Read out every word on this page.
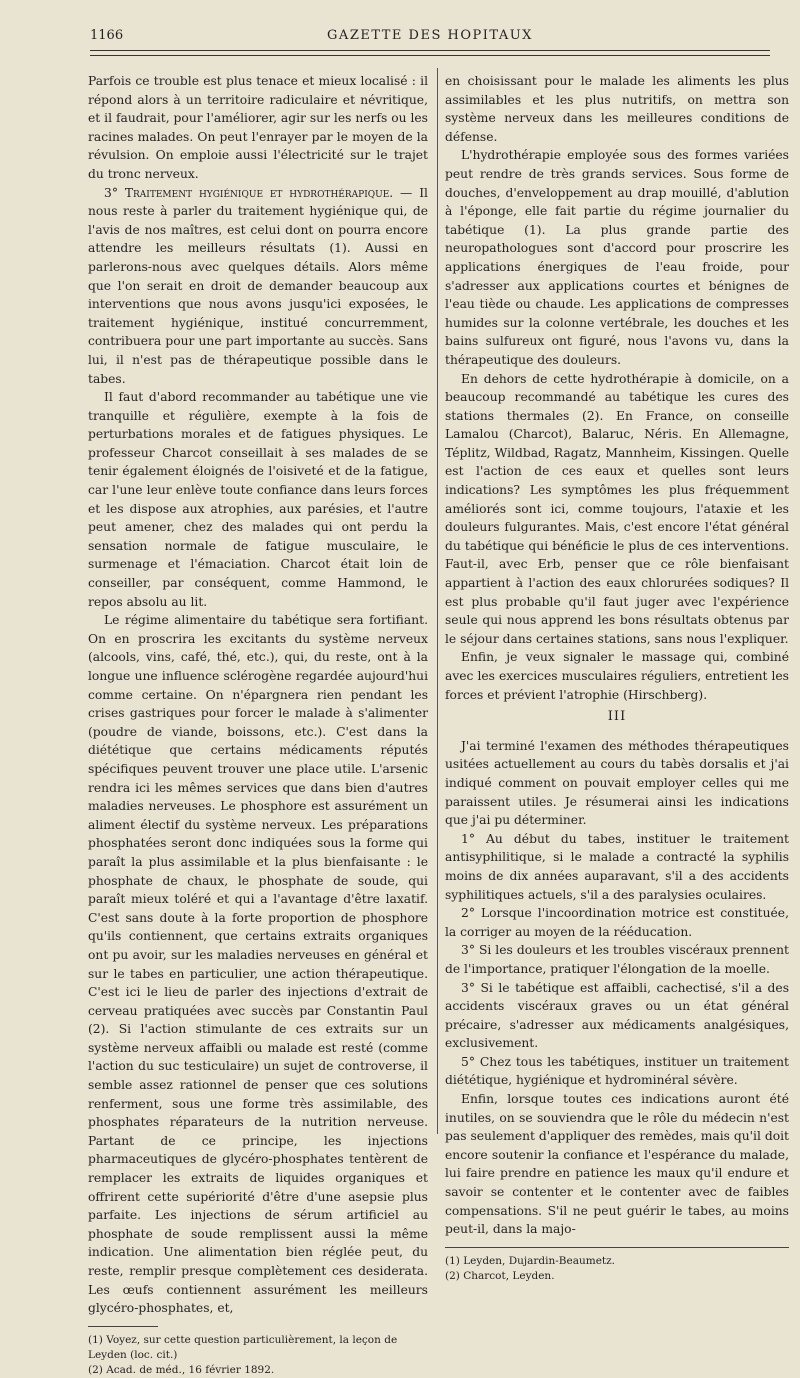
1166	GAZETTE DES HOPITAUX

Parfois ce trouble est plus tenace et mieux localisé : il répond alors à un territoire radiculaire et névritique, et il faudrait, pour l'améliorer, agir sur les nerfs ou les racines malades. On peut l'enrayer par le moyen de la révulsion. On emploie aussi l'électricité sur le trajet du tronc nerveux.

3° Traitement hygiénique et hydrothérapique. — Il nous reste à parler du traitement hygiénique qui, de l'avis de nos maîtres, est celui dont on pourra encore attendre les meilleurs résultats (1). Aussi en parlerons-nous avec quelques détails. Alors même que l'on serait en droit de demander beaucoup aux interventions que nous avons jusqu'ici exposées, le traitement hygiénique, institué concurremment, contribuera pour une part importante au succès. Sans lui, il n'est pas de thérapeutique possible dans le tabes.

Il faut d'abord recommander au tabétique une vie tranquille et régulière, exempte à la fois de perturbations morales et de fatigues physiques. Le professeur Charcot conseillait à ses malades de se tenir également éloignés de l'oisiveté et de la fatigue, car l'une leur enlève toute confiance dans leurs forces et les dispose aux atrophies, aux parésies, et l'autre peut amener, chez des malades qui ont perdu la sensation normale de fatigue musculaire, le surmenage et l'émaciation. Charcot était loin de conseiller, par conséquent, comme Hammond, le repos absolu au lit.

Le régime alimentaire du tabétique sera fortifiant. On en proscrira les excitants du système nerveux (alcools, vins, café, thé, etc.), qui, du reste, ont à la longue une influence sclérogène regardée aujourd'hui comme certaine. On n'épargnera rien pendant les crises gastriques pour forcer le malade à s'alimenter (poudre de viande, boissons, etc.). C'est dans la diététique que certains médicaments réputés spécifiques peuvent trouver une place utile. L'arsenic rendra ici les mêmes services que dans bien d'autres maladies nerveuses. Le phosphore est assurément un aliment électif du système nerveux. Les préparations phosphatées seront donc indiquées sous la forme qui paraît la plus assimilable et la plus bienfaisante : le phosphate de chaux, le phosphate de soude, qui paraît mieux toléré et qui a l'avantage d'être laxatif. C'est sans doute à la forte proportion de phosphore qu'ils contiennent, que certains extraits organiques ont pu avoir, sur les maladies nerveuses en général et sur le tabes en particulier, une action thérapeutique. C'est ici le lieu de parler des injections d'extrait de cerveau pratiquées avec succès par Constantin Paul (2). Si l'action stimulante de ces extraits sur un système nerveux affaibli ou malade est resté (comme l'action du suc testiculaire) un sujet de controverse, il semble assez rationnel de penser que ces solutions renferment, sous une forme très assimilable, des phosphates réparateurs de la nutrition nerveuse. Partant de ce principe, les injections pharmaceutiques de glycéro-phosphates tentèrent de remplacer les extraits de liquides organiques et offrirent cette supériorité d'être d'une asepsie plus parfaite. Les injections de sérum artificiel au phosphate de soude remplissent aussi la même indication. Une alimentation bien réglée peut, du reste, remplir presque complètement ces desiderata. Les œufs contiennent assurément les meilleurs glycéro-phosphates, et,

(1) Voyez, sur cette question particulièrement, la leçon de Leyden (loc. cit.)
(2) Acad. de méd., 16 février 1892.

en choisissant pour le malade les aliments les plus assimilables et les plus nutritifs, on mettra son système nerveux dans les meilleures conditions de défense.

L'hydrothérapie employée sous des formes variées peut rendre de très grands services. Sous forme de douches, d'enveloppement au drap mouillé, d'ablution à l'éponge, elle fait partie du régime journalier du tabétique (1). La plus grande partie des neuropathologues sont d'accord pour proscrire les applications énergiques de l'eau froide, pour s'adresser aux applications courtes et bénignes de l'eau tiède ou chaude. Les applications de compresses humides sur la colonne vertébrale, les douches et les bains sulfureux ont figuré, nous l'avons vu, dans la thérapeutique des douleurs.

En dehors de cette hydrothérapie à domicile, on a beaucoup recommandé au tabétique les cures des stations thermales (2). En France, on conseille Lamalou (Charcot), Balaruc, Néris. En Allemagne, Téplitz, Wildbad, Ragatz, Mannheim, Kissingen. Quelle est l'action de ces eaux et quelles sont leurs indications? Les symptômes les plus fréquemment améliorés sont ici, comme toujours, l'ataxie et les douleurs fulgurantes. Mais, c'est encore l'état général du tabétique qui bénéficie le plus de ces interventions. Faut-il, avec Erb, penser que ce rôle bienfaisant appartient à l'action des eaux chlorurées sodiques? Il est plus probable qu'il faut juger avec l'expérience seule qui nous apprend les bons résultats obtenus par le séjour dans certaines stations, sans nous l'expliquer.

Enfin, je veux signaler le massage qui, combiné avec les exercices musculaires réguliers, entretient les forces et prévient l'atrophie (Hirschberg).

III

J'ai terminé l'examen des méthodes thérapeutiques usitées actuellement au cours du tabès dorsalis et j'ai indiqué comment on pouvait employer celles qui me paraissent utiles. Je résumerai ainsi les indications que j'ai pu déterminer.

1° Au début du tabes, instituer le traitement antisyphilitique, si le malade a contracté la syphilis moins de dix années auparavant, s'il a des accidents syphilitiques actuels, s'il a des paralysies oculaires.

2° Lorsque l'incoordination motrice est constituée, la corriger au moyen de la rééducation.

3° Si les douleurs et les troubles viscéraux prennent de l'importance, pratiquer l'élongation de la moelle.

3° Si le tabétique est affaibli, cachectisé, s'il a des accidents viscéraux graves ou un état général précaire, s'adresser aux médicaments analgésiques, exclusivement.

5° Chez tous les tabétiques, instituer un traitement diététique, hygiénique et hydrominéral sévère.

Enfin, lorsque toutes ces indications auront été inutiles, on se souviendra que le rôle du médecin n'est pas seulement d'appliquer des remèdes, mais qu'il doit encore soutenir la confiance et l'espérance du malade, lui faire prendre en patience les maux qu'il endure et savoir se contenter et le contenter avec de faibles compensations. S'il ne peut guérir le tabes, au moins peut-il, dans la majo-

(1) Leyden, Dujardin-Beaumetz.
(2) Charcot, Leyden.
